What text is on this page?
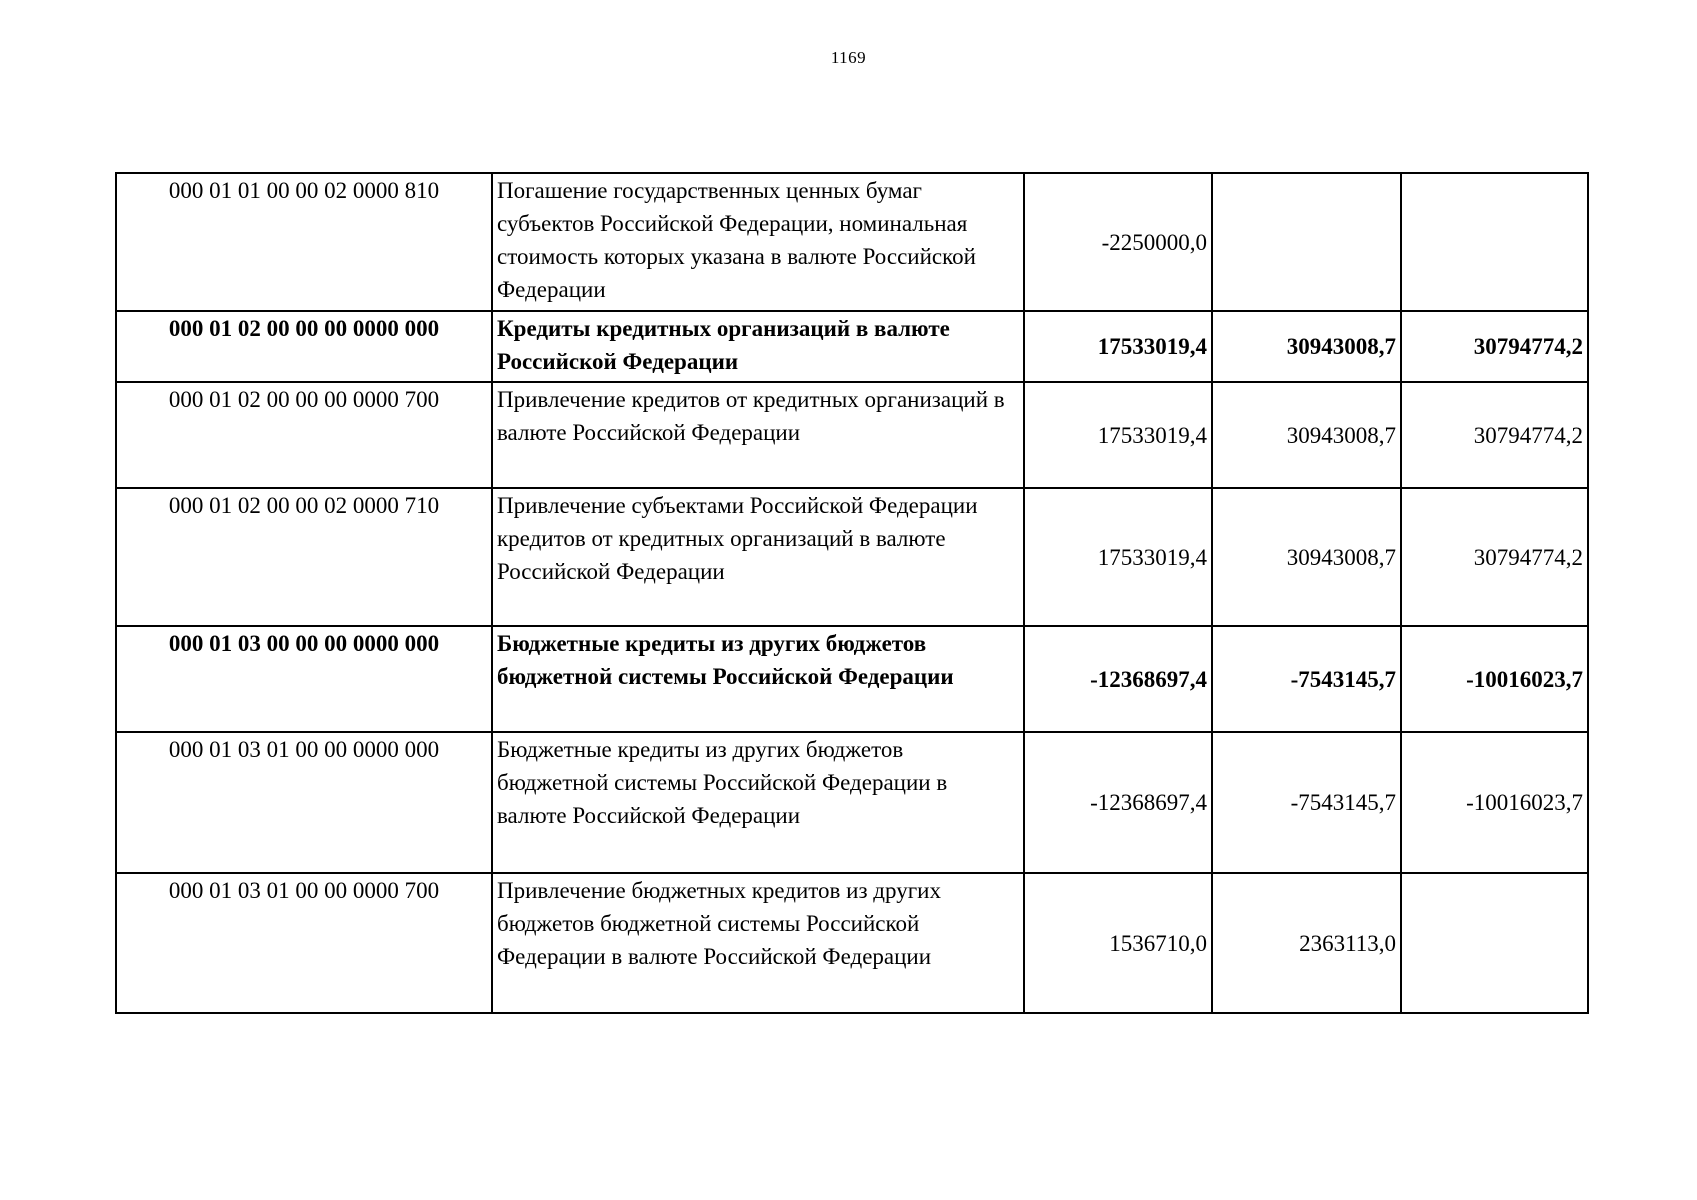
1169
000 01 01 00 00 02 0000 810	Погашение государственных ценных бумаг субъектов Российской Федерации, номинальная стоимость которых указана в валюте Российской Федерации	-2250000,0		
000 01 02 00 00 00 0000 000	Кредиты кредитных организаций в валюте Российской Федерации	17533019,4	30943008,7	30794774,2
000 01 02 00 00 00 0000 700	Привлечение кредитов от кредитных организаций в валюте Российской Федерации	17533019,4	30943008,7	30794774,2
000 01 02 00 00 02 0000 710	Привлечение субъектами Российской Федерации кредитов от кредитных организаций в валюте Российской Федерации	17533019,4	30943008,7	30794774,2
000 01 03 00 00 00 0000 000	Бюджетные кредиты из других бюджетов бюджетной системы Российской Федерации	-12368697,4	-7543145,7	-10016023,7
000 01 03 01 00 00 0000 000	Бюджетные кредиты из других бюджетов бюджетной системы Российской Федерации в валюте Российской Федерации	-12368697,4	-7543145,7	-10016023,7
000 01 03 01 00 00 0000 700	Привлечение бюджетных кредитов из других бюджетов бюджетной системы Российской Федерации в валюте Российской Федерации	1536710,0	2363113,0	
